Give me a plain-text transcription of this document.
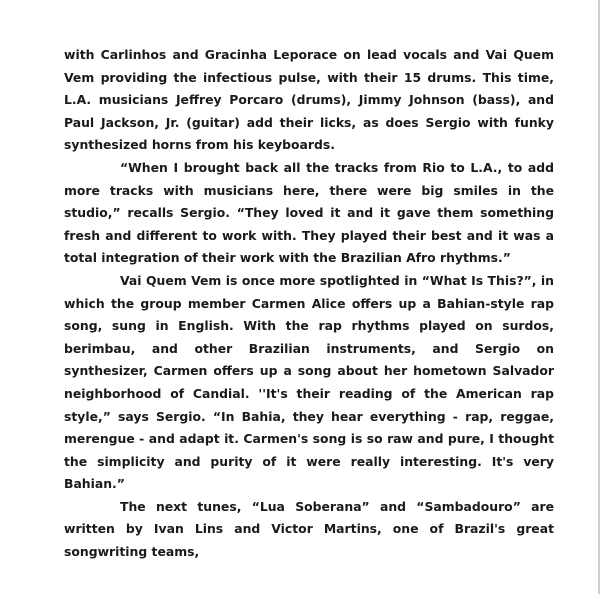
with Carlinhos and Gracinha Leporace on lead vocals and Vai Quem Vem providing the infectious pulse, with their 15 drums. This time, L.A. musicians Jeffrey Porcaro (drums), Jimmy Johnson (bass), and Paul Jackson, Jr. (guitar) add their licks, as does Sergio with funky synthesized horns from his keyboards.

“When I brought back all the tracks from Rio to L.A., to add more tracks with musicians here, there were big smiles in the studio,” recalls Sergio. “They loved it and it gave them something fresh and different to work with. They played their best and it was a total integration of their work with the Brazilian Afro rhythms.”

Vai Quem Vem is once more spotlighted in “What Is This?”, in which the group member Carmen Alice offers up a Bahian-style rap song, sung in English. With the rap rhythms played on surdos, berimbau, and other Brazilian instruments, and Sergio on synthesizer, Carmen offers up a song about her hometown Salvador neighborhood of Candial. ''It's their reading of the American rap style,” says Sergio. “In Bahia, they hear everything - rap, reggae, merengue - and adapt it. Carmen's song is so raw and pure, I thought the simplicity and purity of it were really interesting. It's very Bahian.”

The next tunes, “Lua Soberana” and “Sambadouro” are written by Ivan Lins and Victor Martins, one of Brazil's great songwriting teams,
